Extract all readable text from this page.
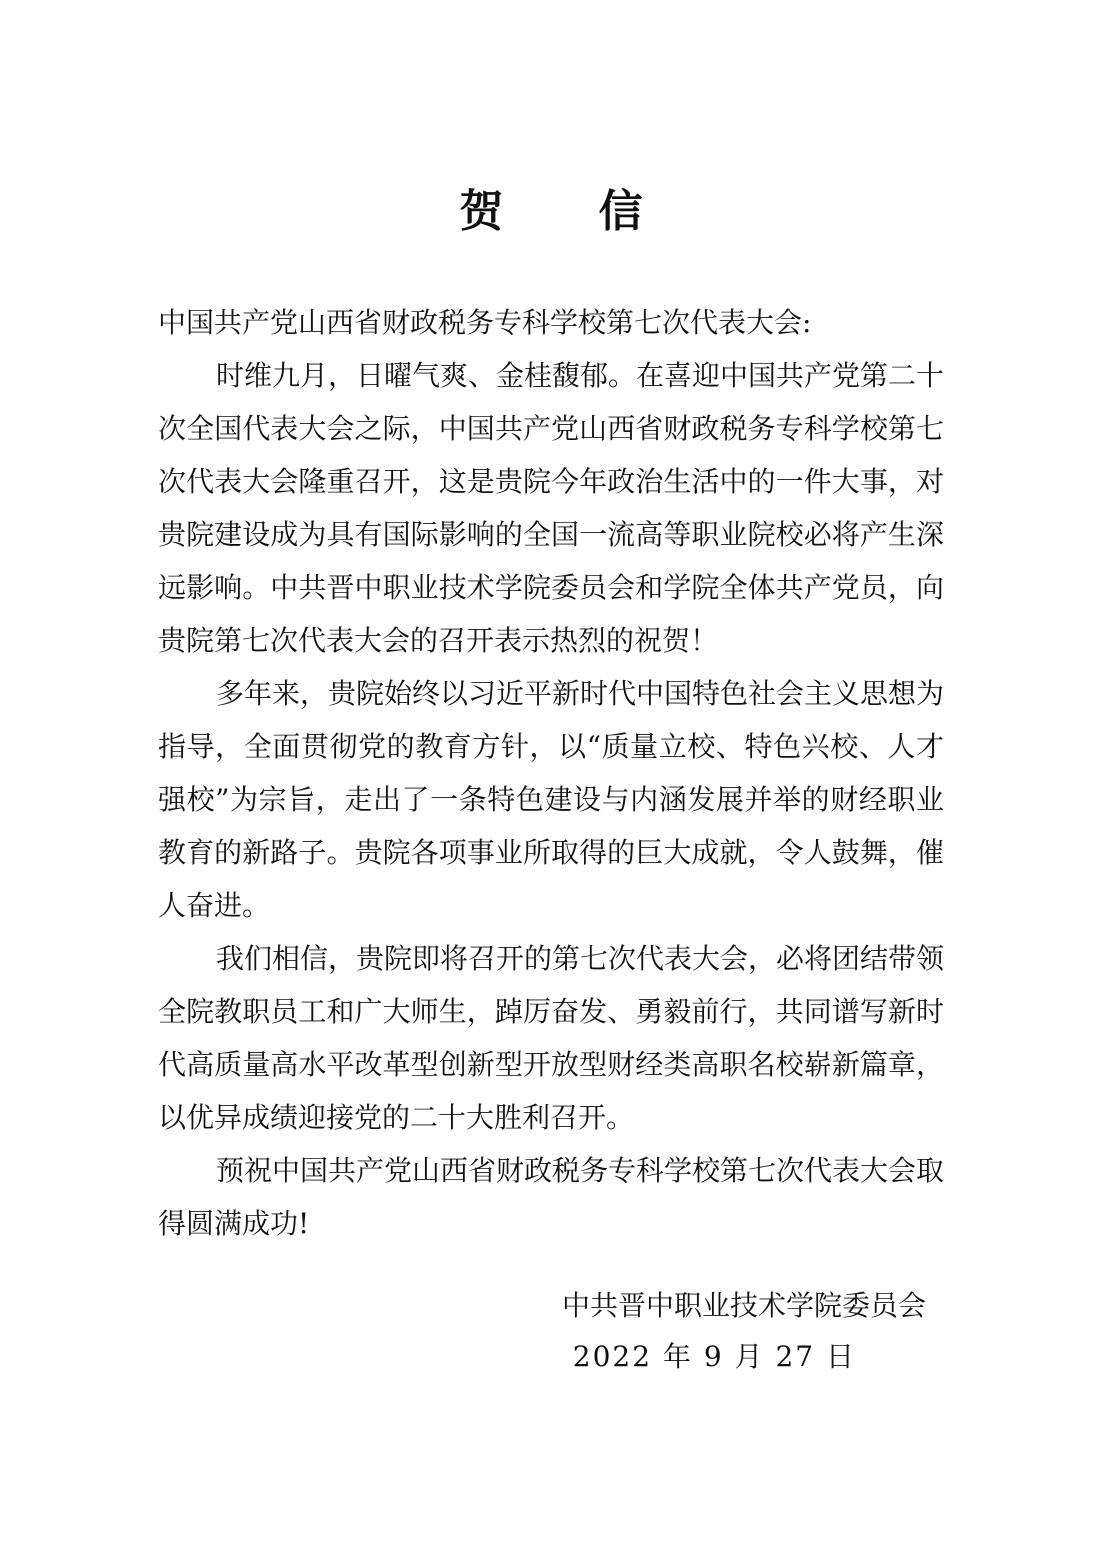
贺 信

中国共产党山西省财政税务专科学校第七次代表大会:

时维九月，日曜气爽、金桂馥郁。在喜迎中国共产党第二十次全国代表大会之际，中国共产党山西省财政税务专科学校第七次代表大会隆重召开，这是贵院今年政治生活中的一件大事，对贵院建设成为具有国际影响的全国一流高等职业院校必将产生深远影响。中共晋中职业技术学院委员会和学院全体共产党员，向贵院第七次代表大会的召开表示热烈的祝贺！

多年来，贵院始终以习近平新时代中国特色社会主义思想为指导，全面贯彻党的教育方针，以“质量立校、特色兴校、人才强校”为宗旨，走出了一条特色建设与内涵发展并举的财经职业教育的新路子。贵院各项事业所取得的巨大成就，令人鼓舞，催人奋进。

我们相信，贵院即将召开的第七次代表大会，必将团结带领全院教职员工和广大师生，踔厉奋发、勇毅前行，共同谱写新时代高质量高水平改革型创新型开放型财经类高职名校崭新篇章，以优异成绩迎接党的二十大胜利召开。

预祝中国共产党山西省财政税务专科学校第七次代表大会取得圆满成功!

中共晋中职业技术学院委员会
2022 年 9 月 27 日
